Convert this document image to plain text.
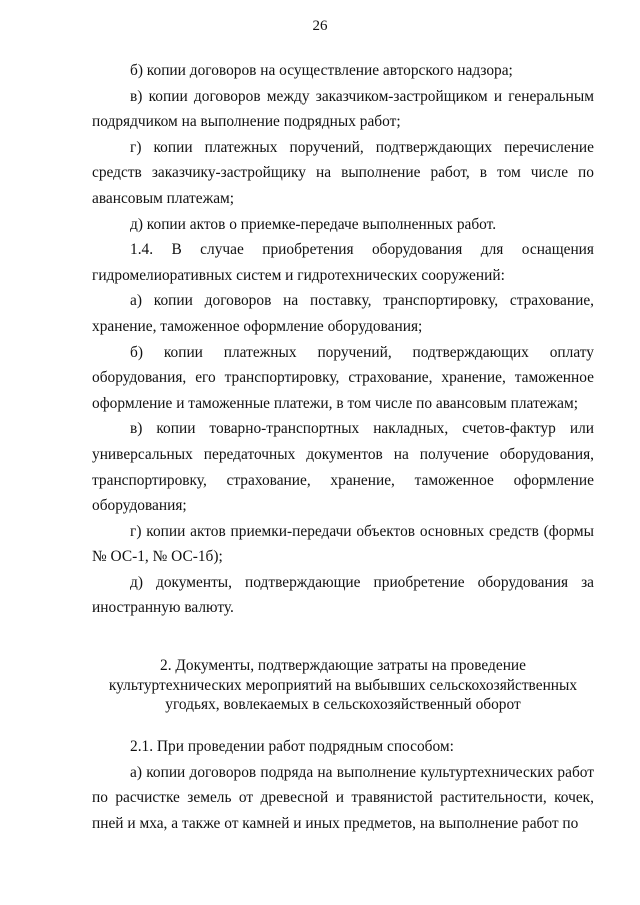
26

б) копии договоров на осуществление авторского надзора;

в) копии договоров между заказчиком-застройщиком и генеральным подрядчиком на выполнение подрядных работ;

г) копии платежных поручений, подтверждающих перечисление средств заказчику-застройщику на выполнение работ, в том числе по авансовым платежам;

д) копии актов о приемке-передаче выполненных работ.

1.4. В случае приобретения оборудования для оснащения гидромелиоративных систем и гидротехнических сооружений:

а) копии договоров на поставку, транспортировку, страхование, хранение, таможенное оформление оборудования;

б) копии платежных поручений, подтверждающих оплату оборудования, его транспортировку, страхование, хранение, таможенное оформление и таможенные платежи, в том числе по авансовым платежам;

в) копии товарно-транспортных накладных, счетов-фактур или универсальных передаточных документов на получение оборудования, транспортировку, страхование, хранение, таможенное оформление оборудования;

г) копии актов приемки-передачи объектов основных средств (формы № ОС-1, № ОС-1б);

д) документы, подтверждающие приобретение оборудования за иностранную валюту.

2. Документы, подтверждающие затраты на проведение культуртехнических мероприятий на выбывших сельскохозяйственных угодьях, вовлекаемых в сельскохозяйственный оборот

2.1. При проведении работ подрядным способом:

а) копии договоров подряда на выполнение культуртехнических работ по расчистке земель от древесной и травянистой растительности, кочек, пней и мха, а также от камней и иных предметов, на выполнение работ по
